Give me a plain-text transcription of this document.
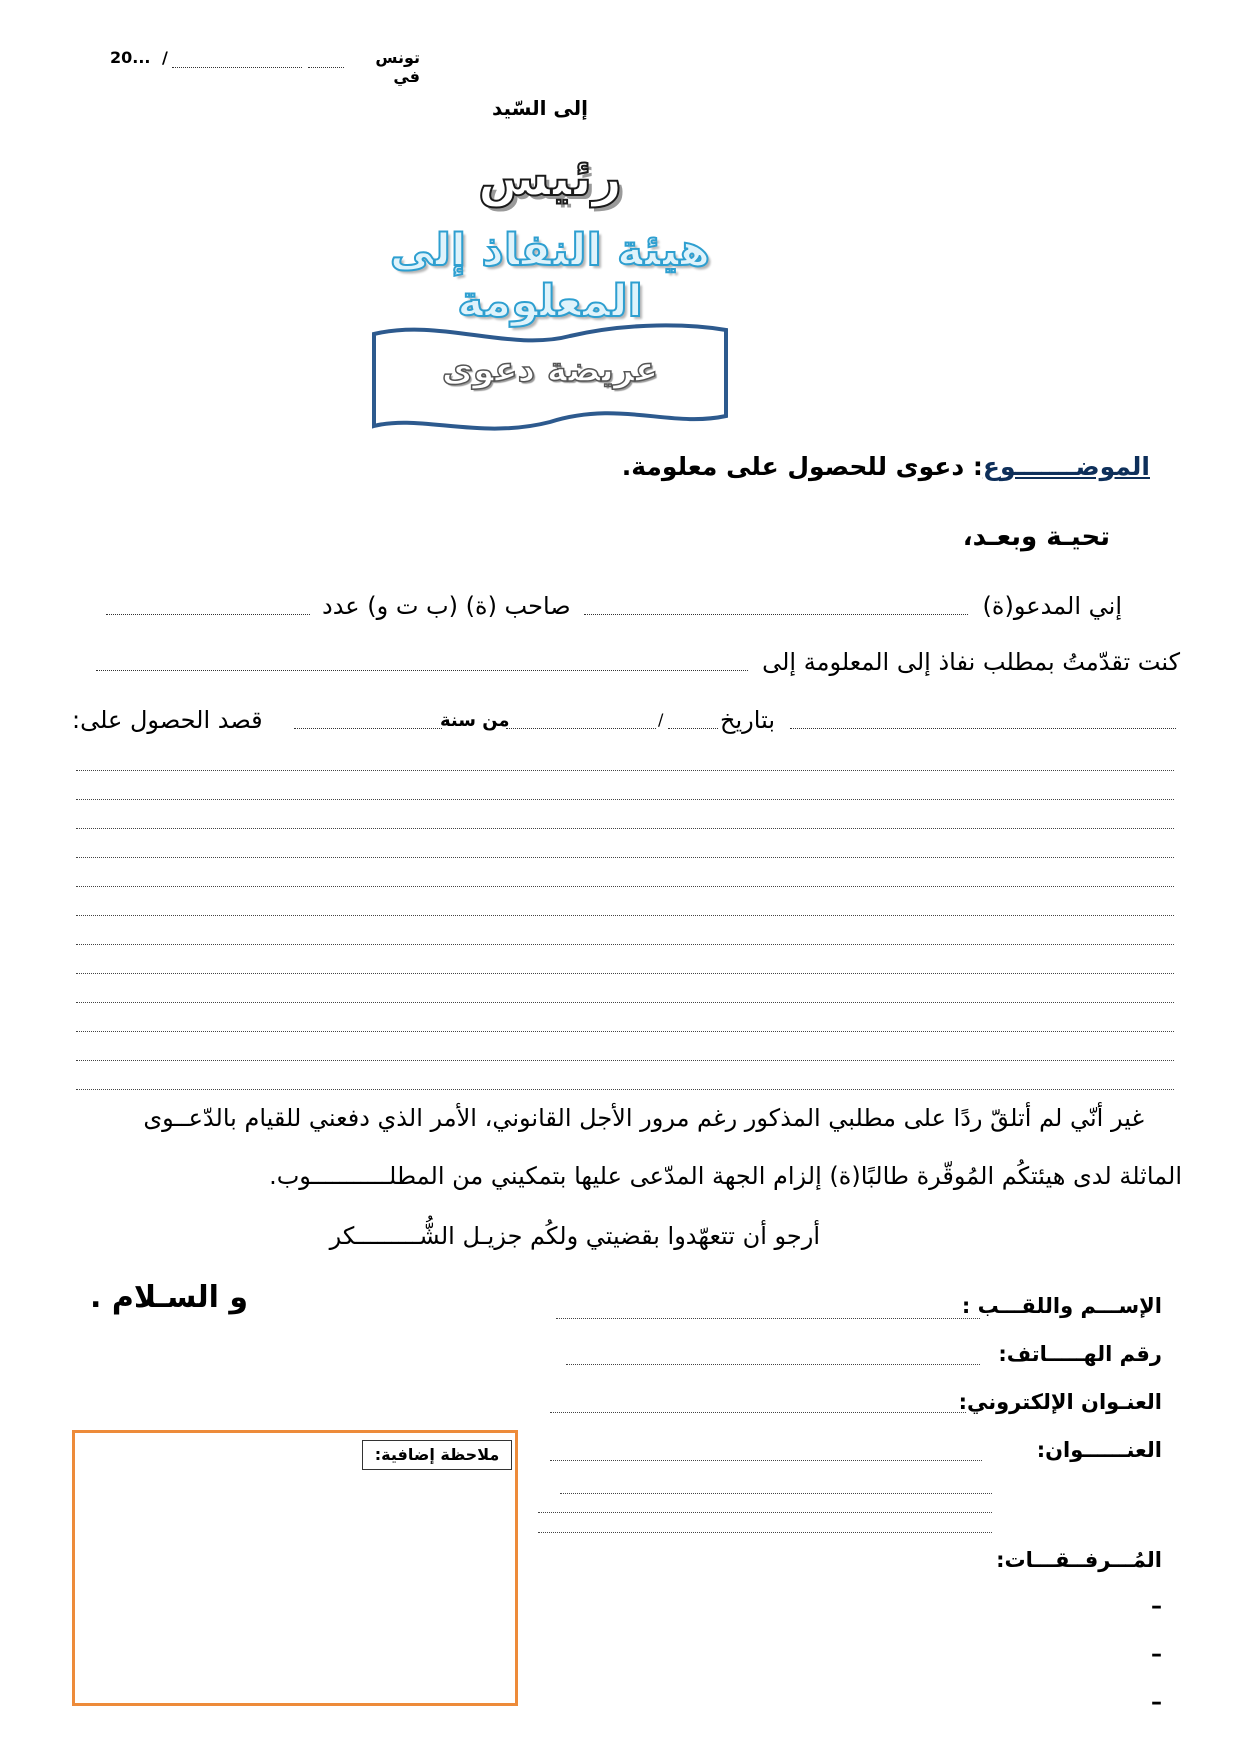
20... /	تونس في
إلى السّيد
رئيس
هيئة النفاذ إلى المعلومة
عريضة دعوى
الموضـــــــوع: دعوى للحصول على معلومة.
تحيـة وبعـد،
إني المدعو(ة)
صاحب (ة) (ب ت و) عدد
كنت تقدّمتُ بمطلب نفاذ إلى المعلومة إلى
قصد الحصول على:	من سنة	/ بتاريخ
غير أنّي لم أتلقّ ردًا على مطلبي المذكور رغم مرور الأجل القانوني، الأمر الذي دفعني للقيام بالدّعــوى
الماثلة لدى هيئتكُم المُوقّرة طالبًا(ة) إلزام الجهة المدّعى عليها بتمكيني من المطلـــــــــــوب.
أرجو أن تتعهّدوا بقضيتي ولكُم جزيـل الشُّـــــــــكر
و السـلام .	الإســـم واللقـــب :
رقم الهـــــاتف:
العنـوان الإلكتروني:
العنــــــوان:
ملاحظة إضافية:
المُـــرفــقـــات:
–
–
–
